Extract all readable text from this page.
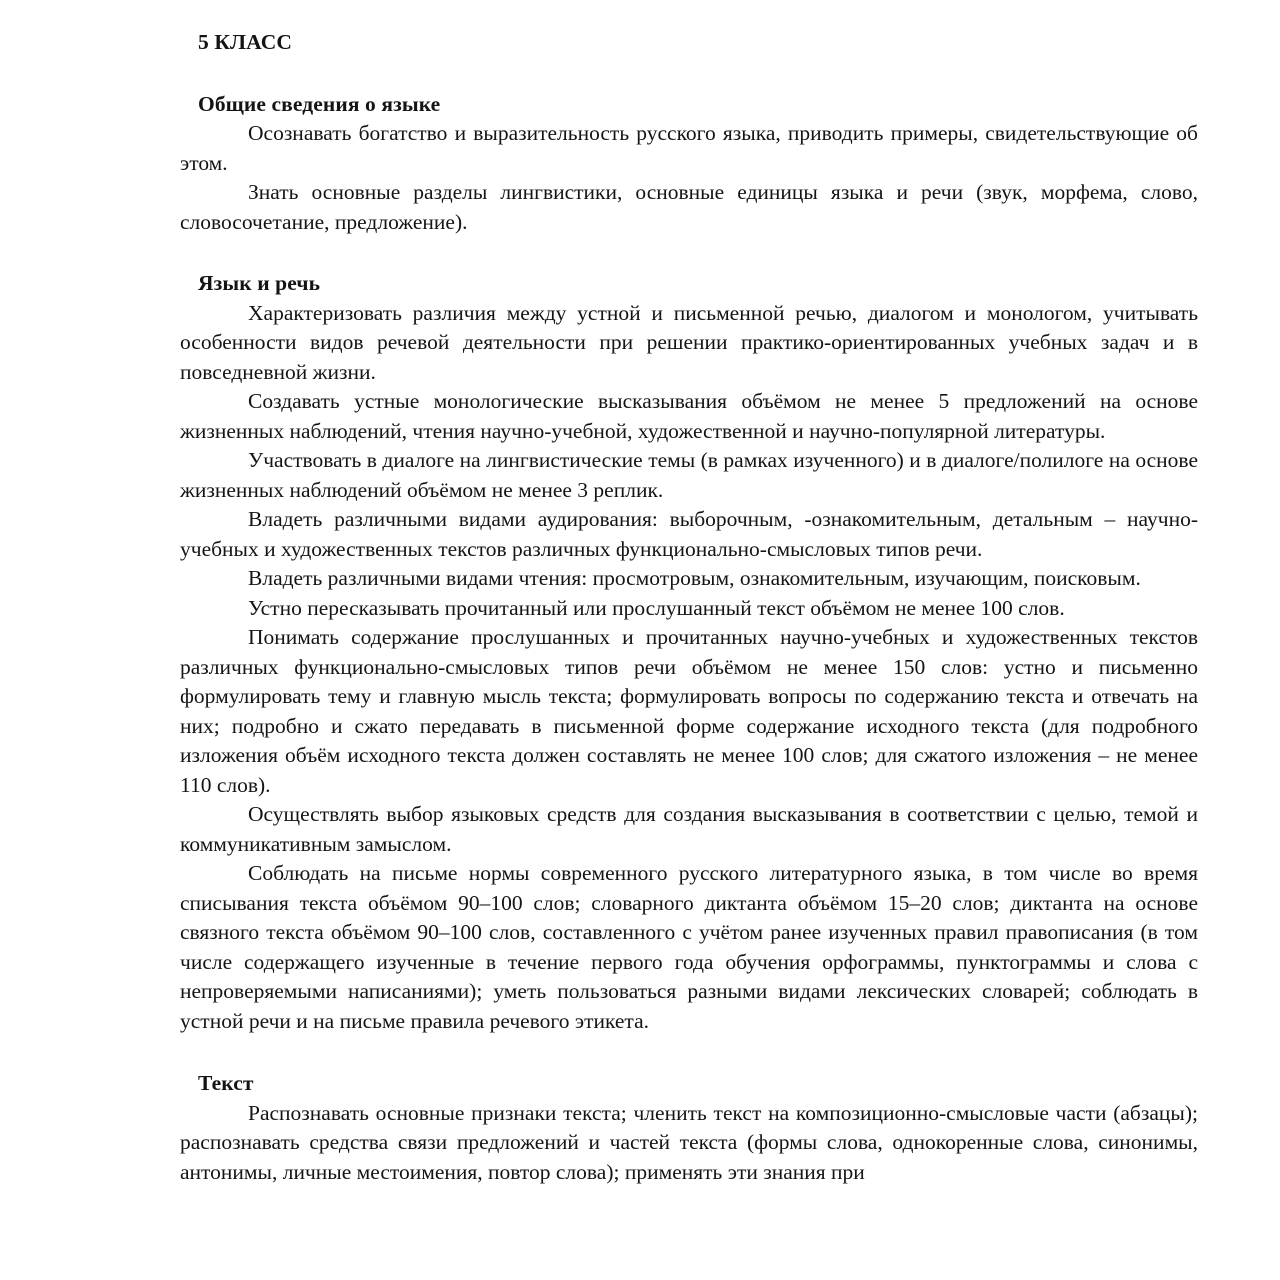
5 КЛАСС
Общие сведения о языке

Осознавать богатство и выразительность русского языка, приводить примеры, свидетельствующие об этом.

Знать основные разделы лингвистики, основные единицы языка и речи (звук, морфема, слово, словосочетание, предложение).

Язык и речь

Характеризовать различия между устной и письменной речью, диалогом и монологом, учитывать особенности видов речевой деятельности при решении практико-ориентированных учебных задач и в повседневной жизни.

Создавать устные монологические высказывания объёмом не менее 5 предложений на основе жизненных наблюдений, чтения научно-учебной, художественной и научно-популярной литературы.

Участвовать в диалоге на лингвистические темы (в рамках изученного) и в диалоге/полилоге на основе жизненных наблюдений объёмом не менее 3 реплик.

Владеть различными видами аудирования: выборочным, -ознакомительным, детальным – научно-учебных и художественных текстов различных функционально-смысловых типов речи.

Владеть различными видами чтения: просмотровым, ознакомительным, изучающим, поисковым.

Устно пересказывать прочитанный или прослушанный текст объёмом не менее 100 слов.

Понимать содержание прослушанных и прочитанных научно-учебных и художественных текстов различных функционально-смысловых типов речи объёмом не менее 150 слов: устно и письменно формулировать тему и главную мысль текста; формулировать вопросы по содержанию текста и отвечать на них; подробно и сжато передавать в письменной форме содержание исходного текста (для подробного изложения объём исходного текста должен составлять не менее 100 слов; для сжатого изложения – не менее 110 слов).

Осуществлять выбор языковых средств для создания высказывания в соответствии с целью, темой и коммуникативным замыслом.

Соблюдать на письме нормы современного русского литературного языка, в том числе во время списывания текста объёмом 90–100 слов; словарного диктанта объёмом 15–20 слов; диктанта на основе связного текста объёмом 90–100 слов, составленного с учётом ранее изученных правил правописания (в том числе содержащего изученные в течение первого года обучения орфограммы, пунктограммы и слова с непроверяемыми написаниями); уметь пользоваться разными видами лексических словарей; соблюдать в устной речи и на письме правила речевого этикета.

Текст

Распознавать основные признаки текста; членить текст на композиционно-смысловые части (абзацы); распознавать средства связи предложений и частей текста (формы слова, однокоренные слова, синонимы, антонимы, личные местоимения, повтор слова); применять эти знания при
